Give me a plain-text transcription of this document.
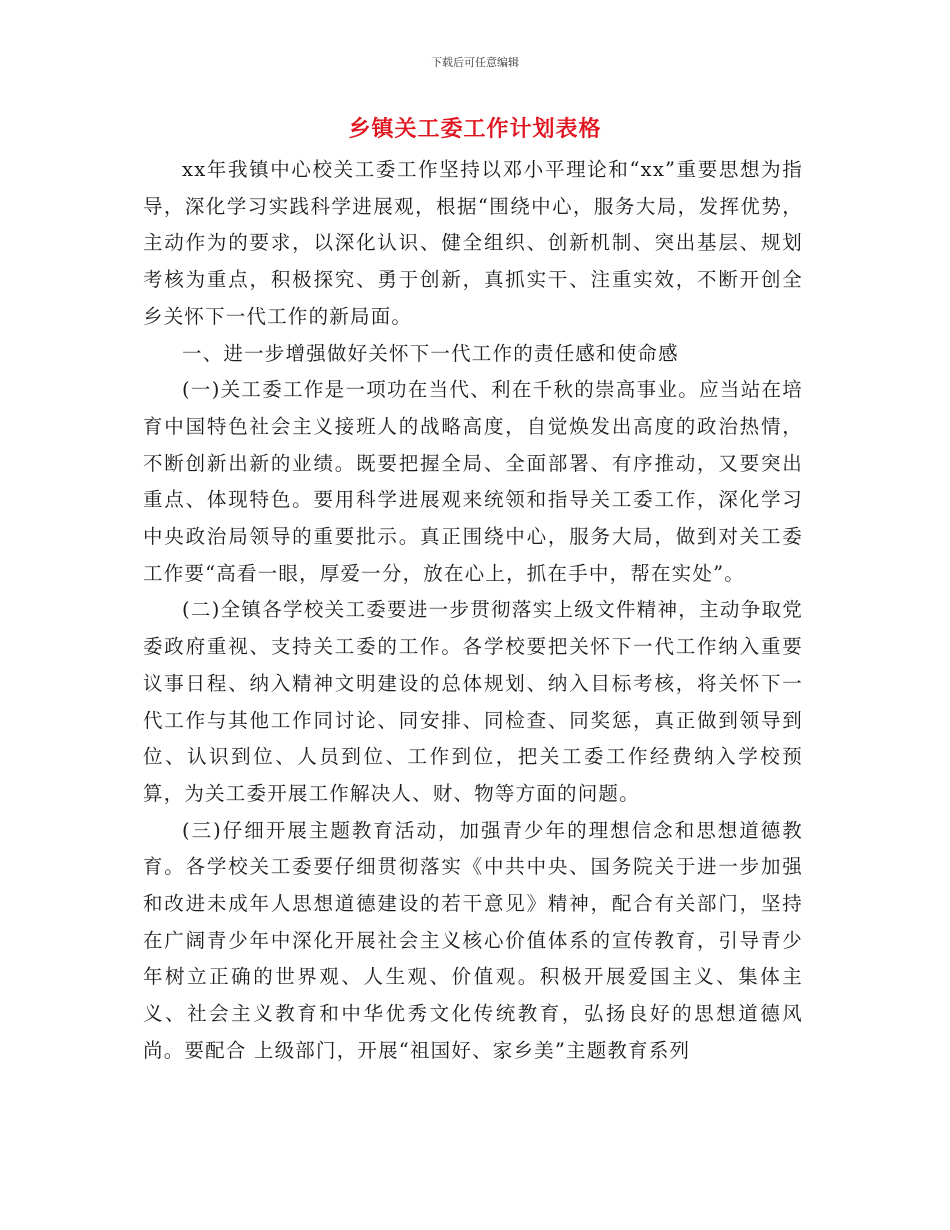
下载后可任意编辑
乡镇关工委工作计划表格

xx年我镇中心校关工委工作坚持以邓小平理论和“xx”重要思想为指导，深化学习实践科学进展观，根据“围绕中心，服务大局，发挥优势，主动作为的要求，以深化认识、健全组织、创新机制、突出基层、规划考核为重点，积极探究、勇于创新，真抓实干、注重实效，不断开创全乡关怀下一代工作的新局面。

一、进一步增强做好关怀下一代工作的责任感和使命感

(一)关工委工作是一项功在当代、利在千秋的崇高事业。应当站在培育中国特色社会主义接班人的战略高度，自觉焕发出高度的政治热情，不断创新出新的业绩。既要把握全局、全面部署、有序推动，又要突出重点、体现特色。要用科学进展观来统领和指导关工委工作，深化学习中央政治局领导的重要批示。真正围绕中心，服务大局，做到对关工委工作要“高看一眼，厚爱一分，放在心上，抓在手中，帮在实处”。

(二)全镇各学校关工委要进一步贯彻落实上级文件精神，主动争取党委政府重视、支持关工委的工作。各学校要把关怀下一代工作纳入重要议事日程、纳入精神文明建设的总体规划、纳入目标考核，将关怀下一代工作与其他工作同讨论、同安排、同检查、同奖惩，真正做到领导到位、认识到位、人员到位、工作到位，把关工委工作经费纳入学校预算，为关工委开展工作解决人、财、物等方面的问题。

(三)仔细开展主题教育活动，加强青少年的理想信念和思想道德教育。各学校关工委要仔细贯彻落实《中共中央、国务院关于进一步加强和改进未成年人思想道德建设的若干意见》精神，配合有关部门，坚持在广阔青少年中深化开展社会主义核心价值体系的宣传教育，引导青少年树立正确的世界观、人生观、价值观。积极开展爱国主义、集体主义、社会主义教育和中华优秀文化传统教育，弘扬良好的思想道德风尚。要配合 上级部门，开展“祖国好、家乡美”主题教育系列
